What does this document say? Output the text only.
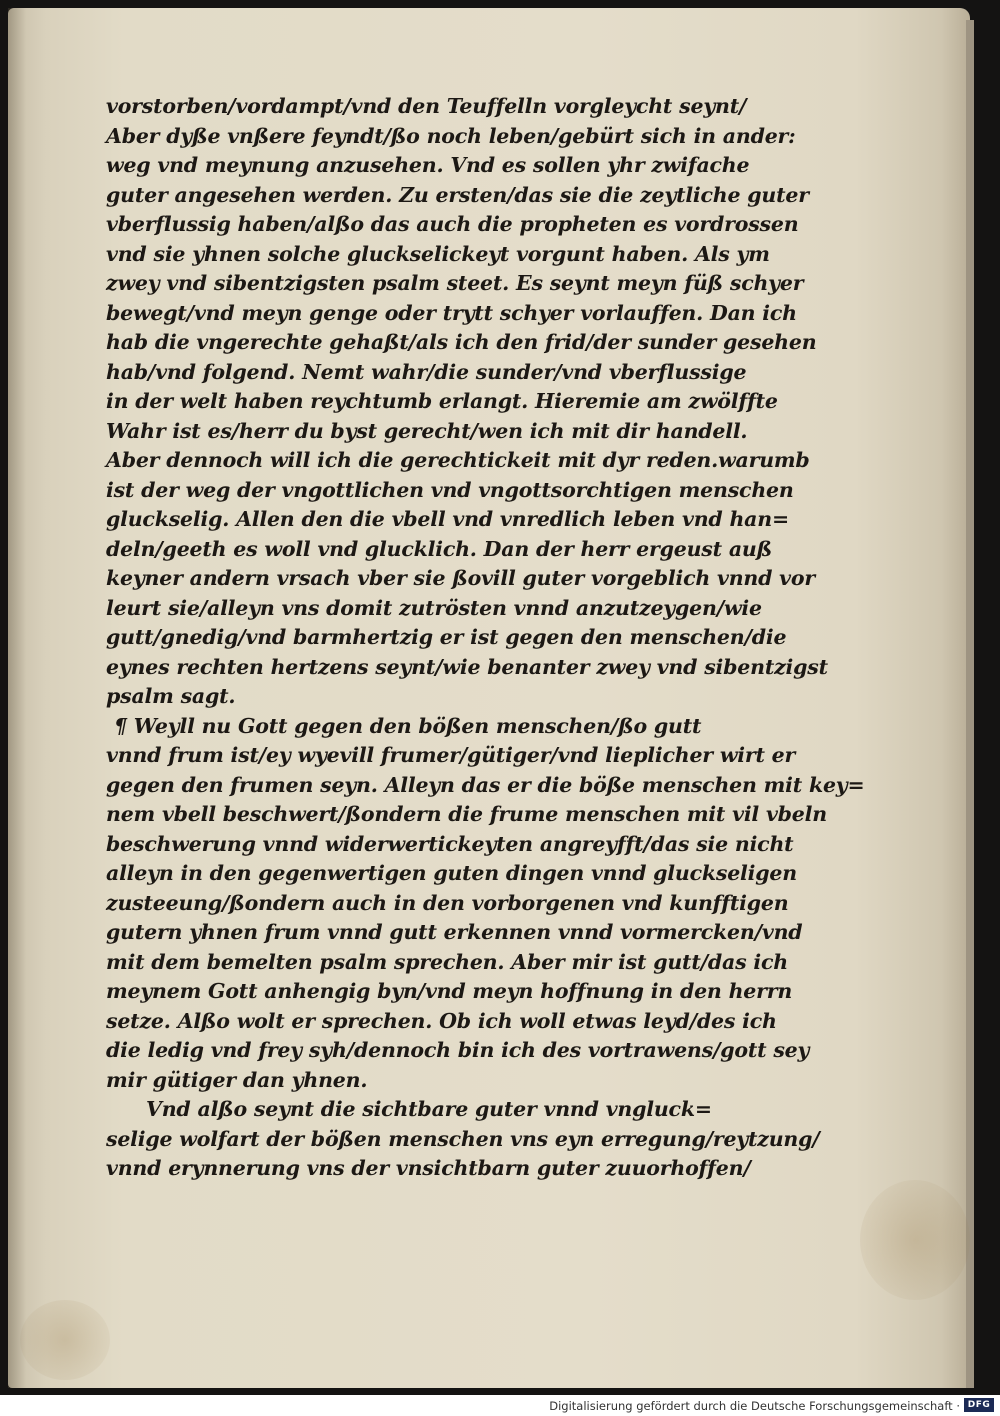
vorstorben/vordampt/vnd den Teuffelln vorgleycht seynt/
Aber dyße vnßere feyndt/ßo noch leben/gebürt sich in ander:
weg vnd meynung anzusehen. Vnd es sollen yhr zwifache
guter angesehen werden. Zu ersten/das sie die zeytliche guter
vberflussig haben/alßo das auch die propheten es vordrossen
vnd sie yhnen solche gluckselickeyt vorgunt haben. Als ym
zwey vnd sibentzigsten psalm steet. Es seynt meyn füß schyer
bewegt/vnd meyn genge oder trytt schyer vorlauffen. Dan ich
hab die vngerechte gehaßt/als ich den frid/der sunder gesehen
hab/vnd folgend. Nemt wahr/die sunder/vnd vberflussige
in der welt haben reychtumb erlangt. Hieremie am zwölffte
Wahr ist es/herr du byst gerecht/wen ich mit dir handell.
Aber dennoch will ich die gerechtickeit mit dyr reden.warumb
ist der weg der vngottlichen vnd vngottsorchtigen menschen
gluckselig. Allen den die vbell vnd vnredlich leben vnd han=
deln/geeth es woll vnd glucklich. Dan der herr ergeust auß
keyner andern vrsach vber sie ßovill guter vorgeblich vnnd vor
leurt sie/alleyn vns domit zutrösten vnnd anzutzeygen/wie
gutt/gnedig/vnd barmhertzig er ist gegen den menschen/die
eynes rechten hertzens seynt/wie benanter zwey vnd sibentzigst
psalm sagt.
¶ Weyll nu Gott gegen den bößen menschen/ßo gutt
vnnd frum ist/ey wyevill frumer/gütiger/vnd lieplicher wirt er
gegen den frumen seyn. Alleyn das er die böße menschen mit key=
nem vbell beschwert/ßondern die frume menschen mit vil vbeln
beschwerung vnnd widerwertickeyten angreyfft/das sie nicht
alleyn in den gegenwertigen guten dingen vnnd gluckseligen
zusteeung/ßondern auch in den vorborgenen vnd kunfftigen
gutern yhnen frum vnnd gutt erkennen vnnd vormercken/vnd
mit dem bemelten psalm sprechen. Aber mir ist gutt/das ich
meynem Gott anhengig byn/vnd meyn hoffnung in den herrn
setze. Alßo wolt er sprechen. Ob ich woll etwas leyd/des ich
die ledig vnd frey syh/dennoch bin ich des vortrawens/gott sey
mir gütiger dan yhnen.
Vnd alßo seynt die sichtbare guter vnnd vngluck=
selige wolfart der bößen menschen vns eyn erregung/reytzung/
vnnd erynnerung vns der vnsichtbarn guter zuuorhoffen/
Digitalisierung gefördert durch die Deutsche Forschungsgemeinschaft · DFG
